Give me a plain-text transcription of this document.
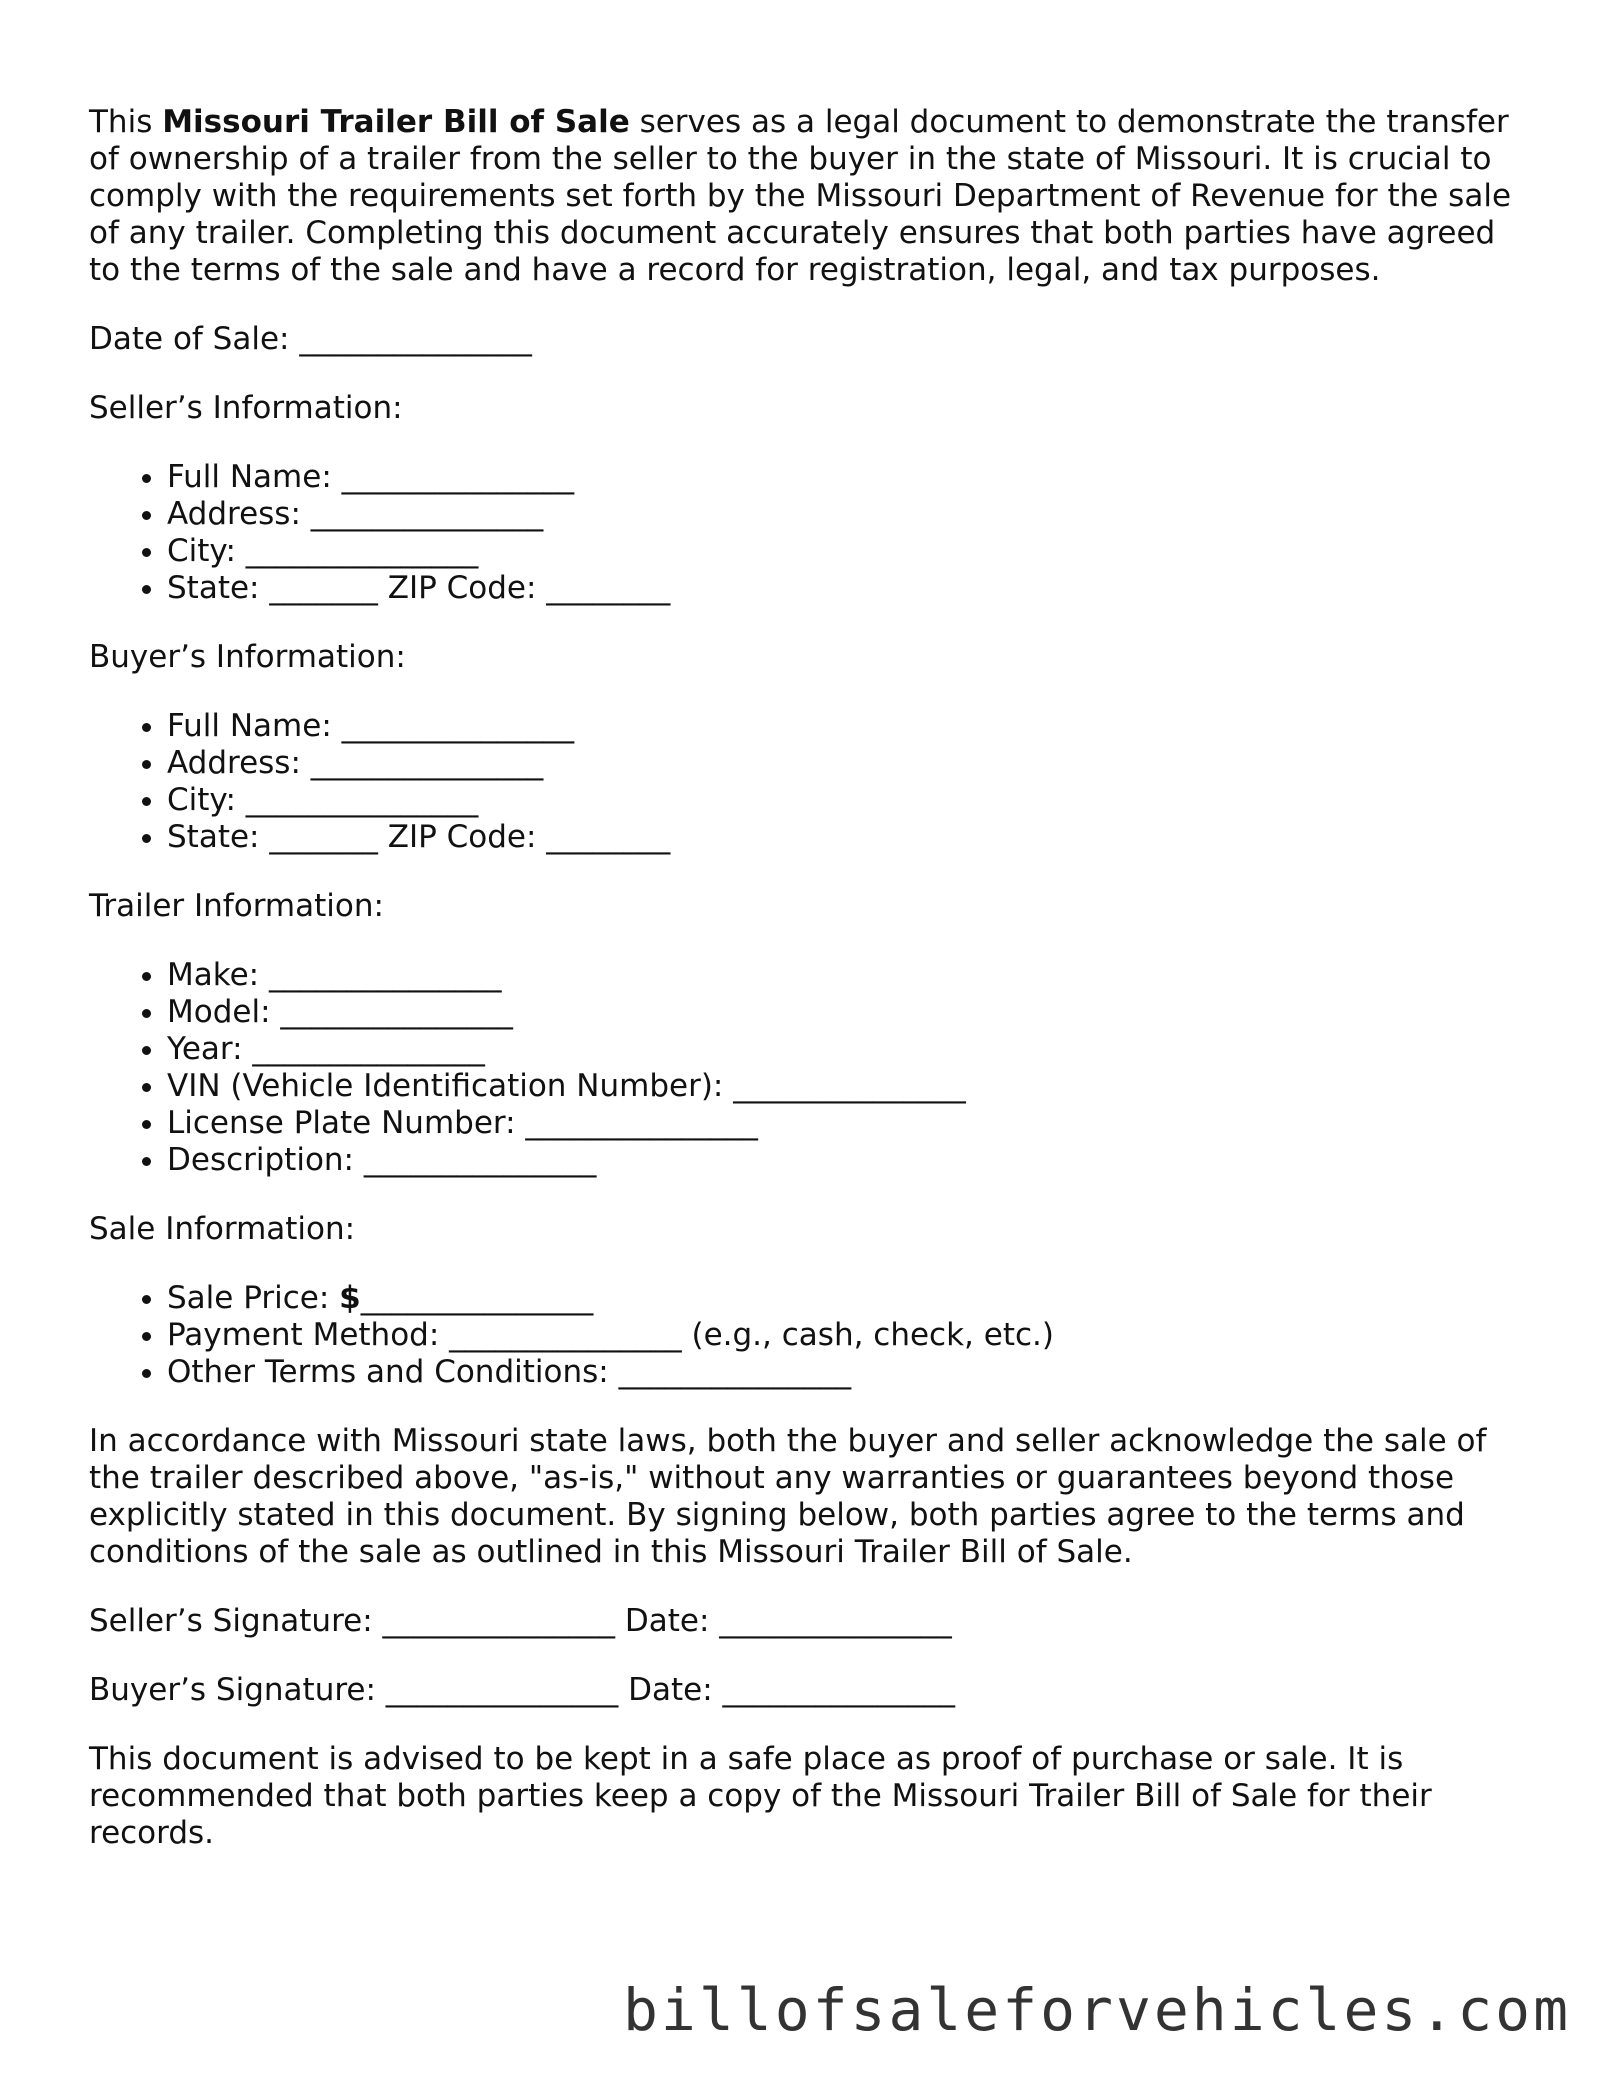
This Missouri Trailer Bill of Sale serves as a legal document to demonstrate the transfer of ownership of a trailer from the seller to the buyer in the state of Missouri. It is crucial to comply with the requirements set forth by the Missouri Department of Revenue for the sale of any trailer. Completing this document accurately ensures that both parties have agreed to the terms of the sale and have a record for registration, legal, and tax purposes.

Date of Sale: _______________

Seller’s Information:

• Full Name: _______________
• Address: _______________
• City: _______________
• State: _______ ZIP Code: ________

Buyer’s Information:

• Full Name: _______________
• Address: _______________
• City: _______________
• State: _______ ZIP Code: ________

Trailer Information:

• Make: _______________
• Model: _______________
• Year: _______________
• VIN (Vehicle Identification Number): _______________
• License Plate Number: _______________
• Description: _______________

Sale Information:

• Sale Price: $_______________
• Payment Method: _______________ (e.g., cash, check, etc.)
• Other Terms and Conditions: _______________

In accordance with Missouri state laws, both the buyer and seller acknowledge the sale of the trailer described above, "as-is," without any warranties or guarantees beyond those explicitly stated in this document. By signing below, both parties agree to the terms and conditions of the sale as outlined in this Missouri Trailer Bill of Sale.

Seller’s Signature: _______________ Date: _______________

Buyer’s Signature: _______________ Date: _______________

This document is advised to be kept in a safe place as proof of purchase or sale. It is recommended that both parties keep a copy of the Missouri Trailer Bill of Sale for their records.

billofsaleforvehicles.com
